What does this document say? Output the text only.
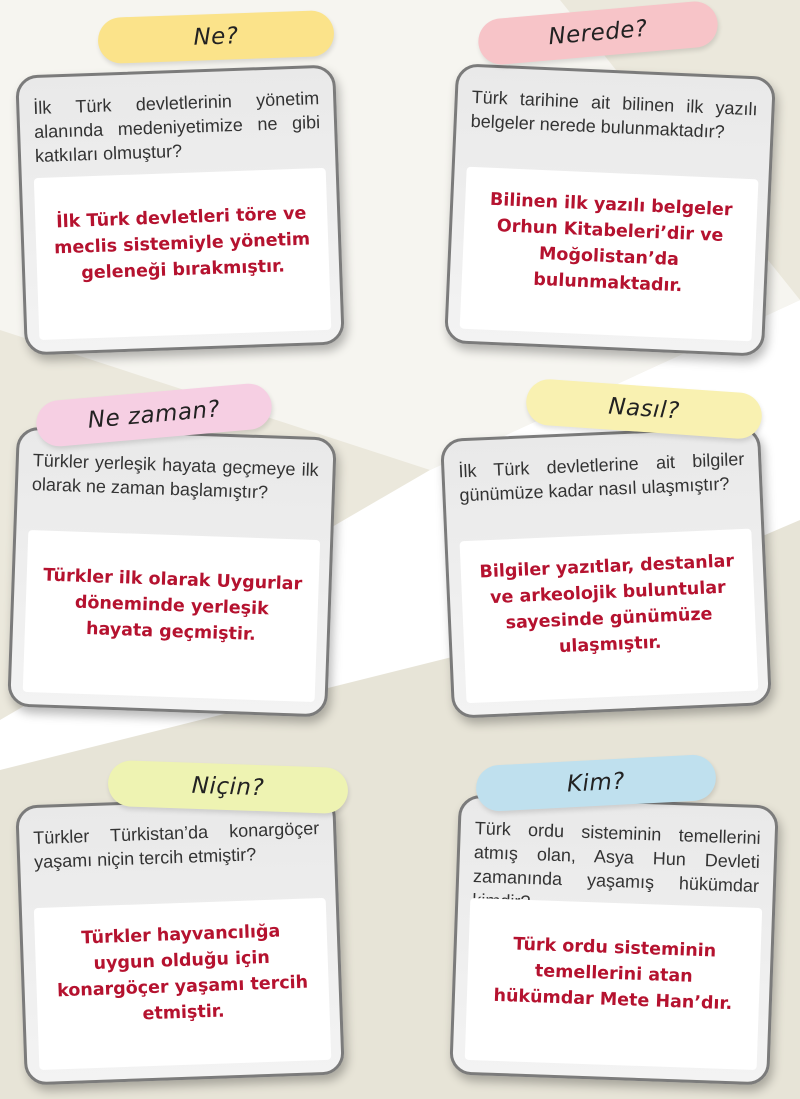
İlk Türk devletlerinin yönetim alanında medeniyetimize ne gibi katkıları olmuştur?

İlk Türk devletleri töre ve meclis sistemiyle yönetim geleneği bırakmıştır.

Ne?

Türk tarihine ait bilinen ilk yazılı belgeler nerede bulunmaktadır?

Bilinen ilk yazılı belgeler Orhun Kitabeleri’dir ve Moğolistan’da bulunmaktadır.

Nerede?

Türkler yerleşik hayata geçmeye ilk olarak ne zaman başlamıştır?

Türkler ilk olarak Uygurlar döneminde yerleşik hayata geçmiştir.

Ne zaman?

İlk Türk devletlerine ait bilgiler günümüze kadar nasıl ulaşmıştır?

Bilgiler yazıtlar, destanlar ve arkeolojik buluntular sayesinde günümüze ulaşmıştır.

Nasıl?

Türkler Türkistan’da konargöçer yaşamı niçin tercih etmiştir?

Türkler hayvancılığa uygun olduğu için konargöçer yaşamı tercih etmiştir.

Niçin?

Türk ordu sisteminin temellerini atmış olan, Asya Hun Devleti zamanında yaşamış hükümdar

Türk ordu sisteminin temellerini atan hükümdar Mete Han’dır.

Kim?
